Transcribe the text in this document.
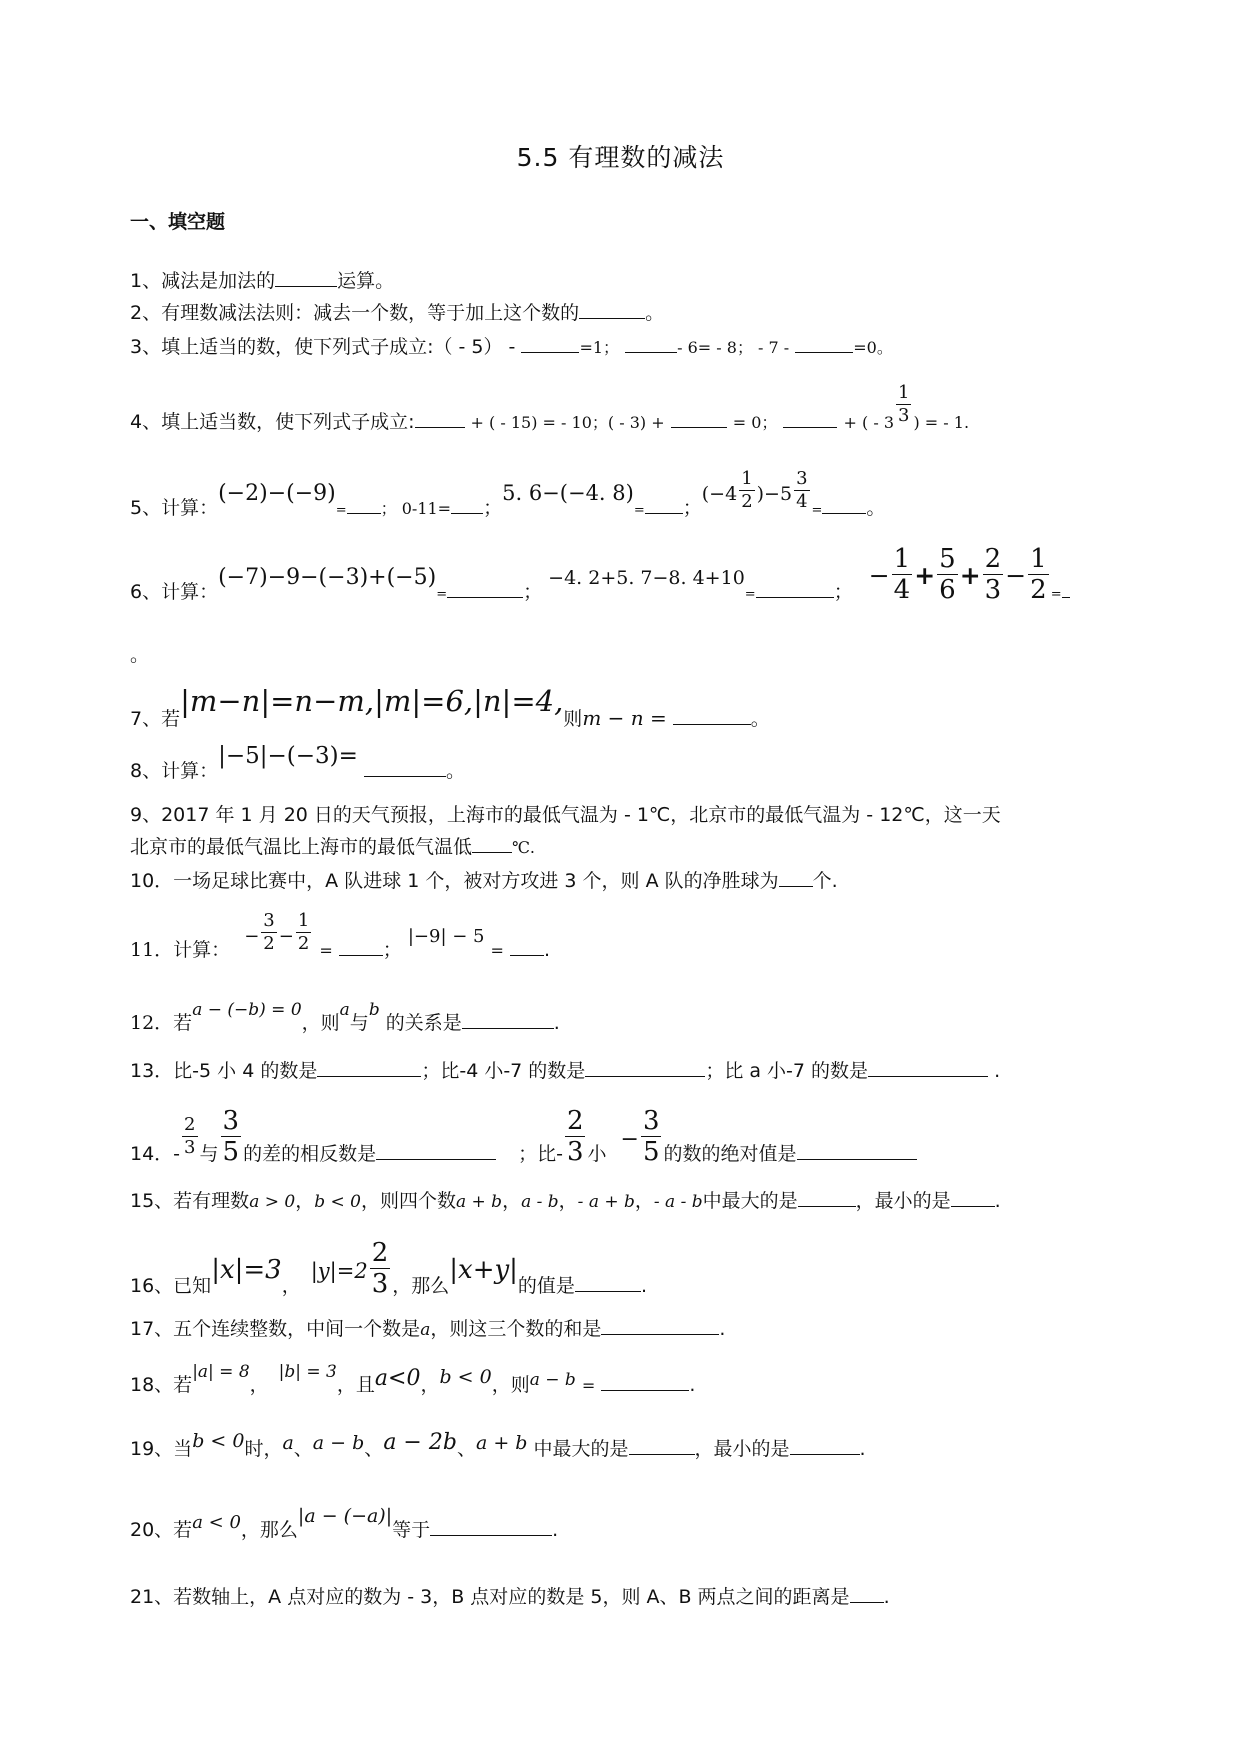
5.5 有理数的减法
一、填空题
1、减法是加法的	运算。
2、有理数减法法则：减去一个数，等于加上这个数的	。
3、填上适当的数，使下列式子成立:（ - 5） -	=1；	- 6= - 8； - 7 -	=0。
4、填上适当数，使下列式子成立:	+ ( - 15) = - 10；( - 3) +	= 0；	+ ( - $3 \frac{1}{3}$ ) = - 1.
5、计算：(−2)−(−9)= ； 0-11= ；5. 6−(−4. 8)= ；$(-4 \frac{1}{2} )-5 \frac{3}{4}$ = 。
6、计算：(−7)−9−(−3)+(−5)=	； −4. 2+5. 7−8. 4+10=	；− $\frac{1}{4} + \frac{5}{6} + \frac{2}{3} - \frac{1}{2}$ =
。
7、若|m−n|=n−m,|m|=6,|n|=4,则m − n =	。
8、计算：|−5|−(−3)= 。
9、2017 年 1 月 20 日的天气预报，上海市的最低气温为 - 1℃，北京市的最低气温为 - 12℃，这一天
北京市的最低气温比上海市的最低气温低	℃.
10．一场足球比赛中，A 队进球 1 个，被对方攻进 3 个，则 A 队的净胜球为 个.
11．计算：− $\frac{3}{2} - \frac{1}{2}$ =	； |−9| − 5 = .
12．若a − (−b) = 0，则a与b 的关系是	.
13．比-5 小 4 的数是	；比-4 小-7 的数是	；比 a 小-7 的数是	.
14．- $\frac{2}{3}$ 与 $\frac{3}{5}$ 的差的相反数是	；比- $\frac{2}{3}$ 小− $\frac{3}{5}$ 的数的绝对值是
15、若有理数a > 0，b < 0，则四个数a + b，a - b，- a + b，- a - b中最大的是	，最小的是 .
16、已知|x|=3，$|y|=2 \frac{2}{3}$ ，那么|x+y|的值是	.
17、五个连续整数，中间一个数是a，则这三个数的和是	.
18、若|a| = 8，|b| = 3，且a<0，b < 0，则a − b =	.
19、当b < 0时，a、a − b、a − 2b、a + b 中最大的是	，最小的是	.
20、若a < 0，那么|a − (−a)|等于	.
21、若数轴上，A 点对应的数为 - 3，B 点对应的数是 5，则 A、B 两点之间的距离是 .
